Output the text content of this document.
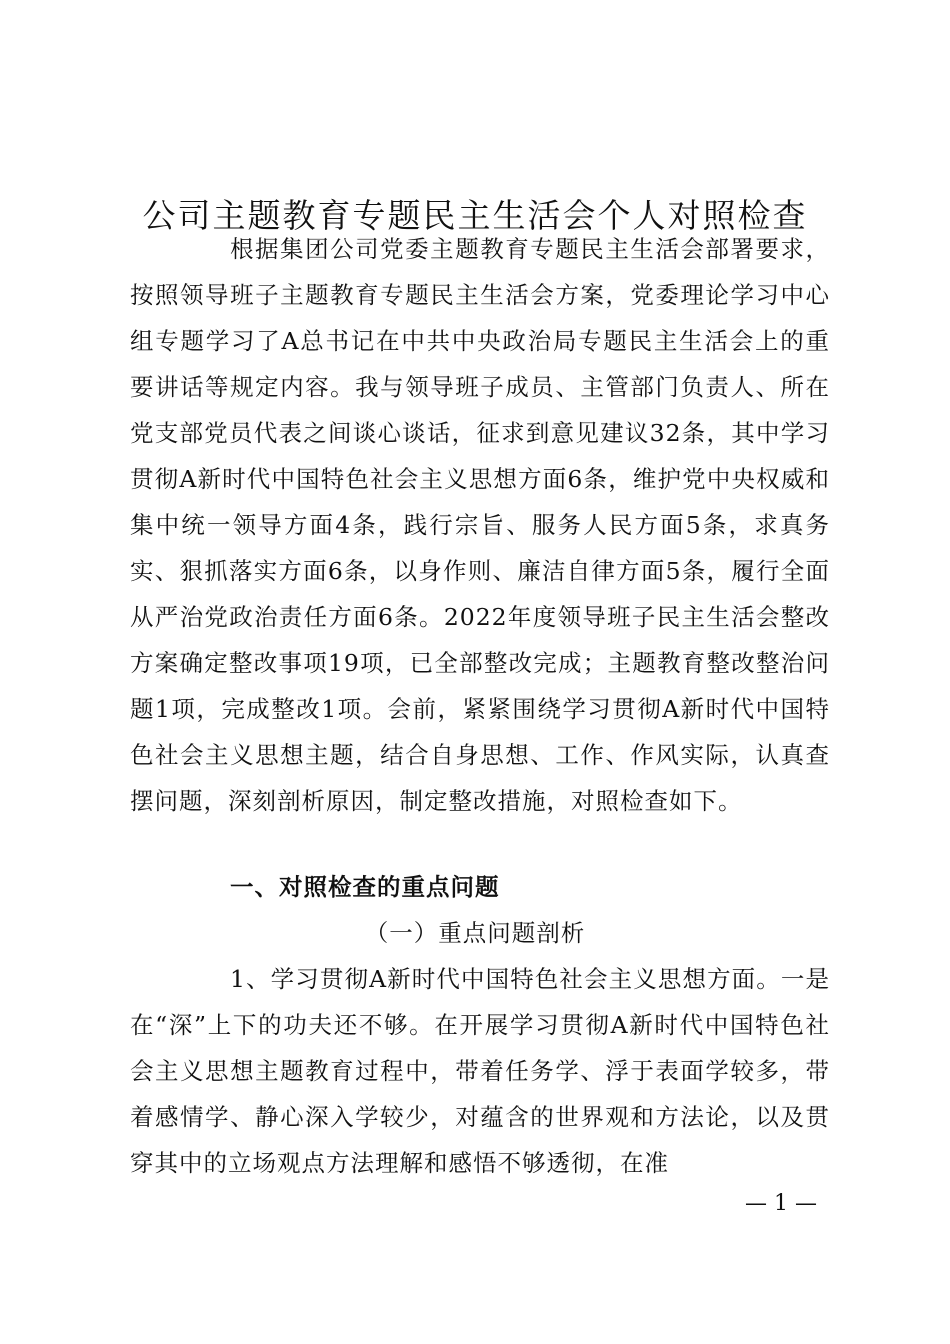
公司主题教育专题民主生活会个人对照检查

根据集团公司党委主题教育专题民主生活会部署要求，按照领导班子主题教育专题民主生活会方案，党委理论学习中心组专题学习了A总书记在中共中央政治局专题民主生活会上的重要讲话等规定内容。我与领导班子成员、主管部门负责人、所在党支部党员代表之间谈心谈话，征求到意见建议32条，其中学习贯彻A新时代中国特色社会主义思想方面6条，维护党中央权威和集中统一领导方面4条，践行宗旨、服务人民方面5条，求真务实、狠抓落实方面6条，以身作则、廉洁自律方面5条，履行全面从严治党政治责任方面6条。2022年度领导班子民主生活会整改方案确定整改事项19项，已全部整改完成；主题教育整改整治问题1项，完成整改1项。会前，紧紧围绕学习贯彻A新时代中国特色社会主义思想主题，结合自身思想、工作、作风实际，认真查摆问题，深刻剖析原因，制定整改措施，对照检查如下。

一、对照检查的重点问题
（一）重点问题剖析

1、学习贯彻A新时代中国特色社会主义思想方面。一是在“深”上下的功夫还不够。在开展学习贯彻A新时代中国特色社会主义思想主题教育过程中，带着任务学、浮于表面学较多，带着感情学、静心深入学较少，对蕴含的世界观和方法论，以及贯穿其中的立场观点方法理解和感悟不够透彻，在准

— 1 —
